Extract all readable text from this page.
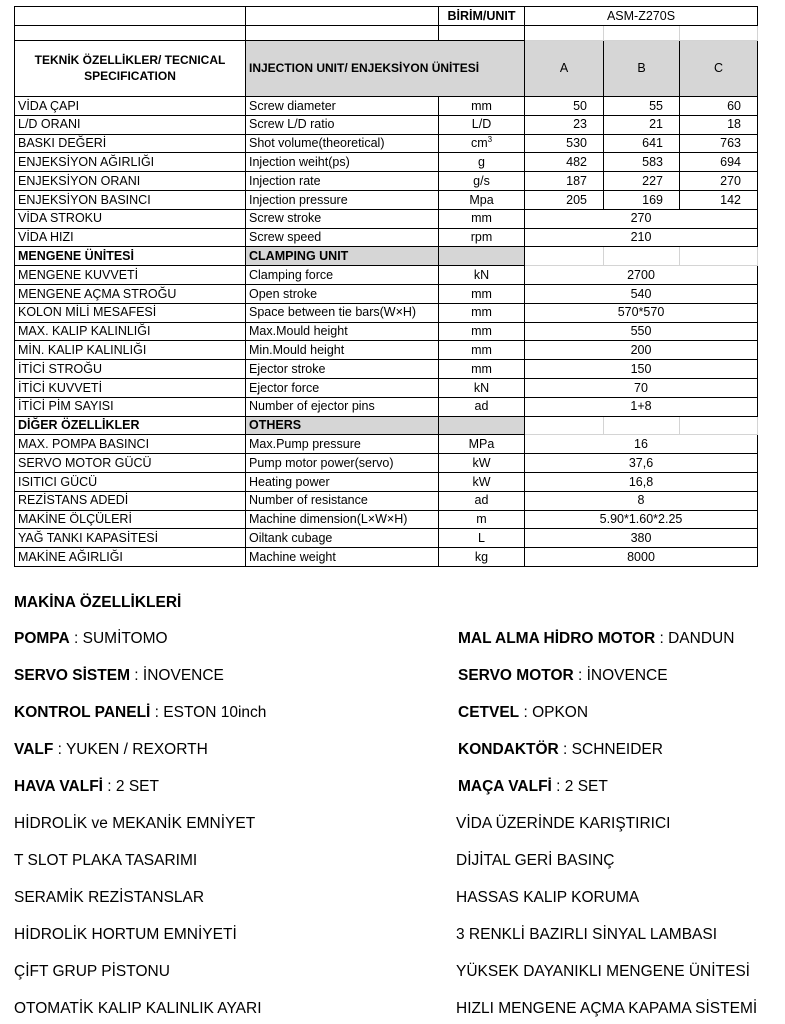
		BİRİM/UNIT	ASM-Z270S		

TEKNİK ÖZELLİKLER/ TECNICAL SPECIFICATION	INJECTION UNIT/ ENJEKSİYON ÜNİTESİ		A	B	C
VİDA ÇAPI	Screw diameter	mm	50	55	60
L/D ORANI	Screw L/D ratio	L/D	23	21	18
BASKI DEĞERİ	Shot volume(theoretical)	$cm^3$	530	641	763
ENJEKSİYON AĞIRLIĞI	Injection weiht(ps)	g	482	583	694
ENJEKSİYON ORANI	Injection rate	g/s	187	227	270
ENJEKSİYON BASINCI	Injection pressure	Mpa	205	169	142
VİDA STROKU	Screw stroke	mm	270		
VİDA HIZI	Screw speed	rpm	210		
MENGENE ÜNİTESİ	CLAMPING UNIT				
MENGENE KUVVETİ	Clamping force	kN	2700		
MENGENE AÇMA STROĞU	Open stroke	mm	540		
KOLON MİLİ MESAFESİ	Space between tie bars(W×H)	mm	570*570		
MAX. KALIP KALINLIĞI	Max.Mould height	mm	550		
MİN. KALIP KALINLIĞI	Min.Mould height	mm	200		
İTİCİ STROĞU	Ejector stroke	mm	150		
İTİCİ KUVVETİ	Ejector force	kN	70		
İTİCİ PİM SAYISI	Number of ejector pins	ad	1+8		
DİĞER ÖZELLİKLER	OTHERS				
MAX. POMPA BASINCI	Max.Pump pressure	MPa	16		
SERVO MOTOR GÜCÜ	Pump motor power(servo)	kW	37,6		
ISITICI GÜCÜ	Heating power	kW	16,8		
REZİSTANS ADEDİ	Number of resistance	ad	8		
MAKİNE ÖLÇÜLERİ	Machine dimension(L×W×H)	m	5.90*1.60*2.25		
YAĞ TANKI KAPASİTESİ	Oiltank cubage	L	380		
MAKİNE AĞIRLIĞI	Machine weight	kg	8000		
MAKİNA ÖZELLİKLERİ
POMPA : SUMİTOMO
SERVO SİSTEM : İNOVENCE
KONTROL PANELİ : ESTON 10inch
VALF : YUKEN / REXORTH
HAVA VALFİ : 2 SET
HİDROLİK ve MEKANİK EMNİYET
T SLOT PLAKA TASARIMI
SERAMİK REZİSTANSLAR
HİDROLİK HORTUM EMNİYETİ
ÇİFT GRUP PİSTONU
OTOMATİK KALIP KALINLIK AYARI
MAL ALMA HİDRO MOTOR : DANDUN
SERVO MOTOR : İNOVENCE
CETVEL : OPKON
KONDAKTÖR : SCHNEIDER
MAÇA VALFİ : 2 SET
VİDA ÜZERİNDE KARIŞTIRICI
DİJİTAL GERİ BASINÇ
HASSAS KALIP KORUMA
3 RENKLİ BAZIRLI SİNYAL LAMBASI
YÜKSEK DAYANIKLI MENGENE ÜNİTESİ
HIZLI MENGENE AÇMA KAPAMA SİSTEMİ
